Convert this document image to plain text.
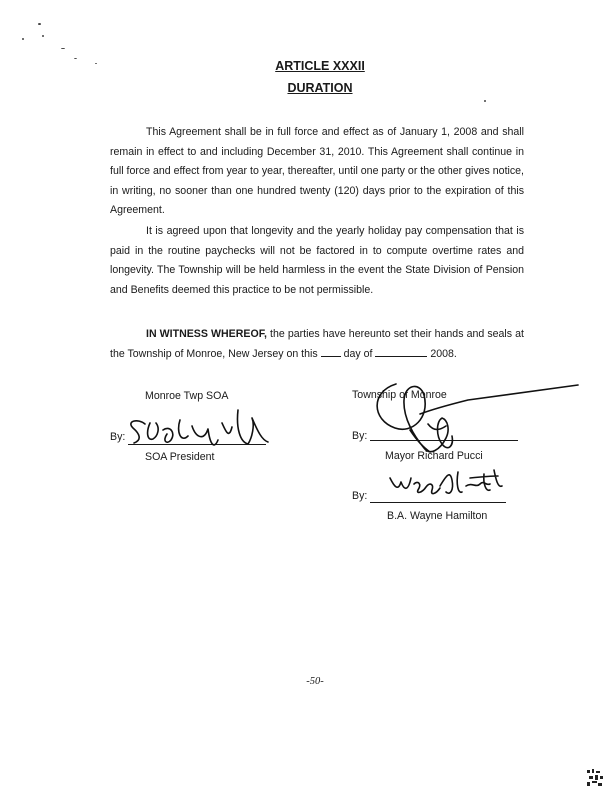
ARTICLE XXXII
DURATION

This Agreement shall be in full force and effect as of January 1, 2008 and shall remain in effect to and including December 31, 2010. This Agreement shall continue in full force and effect from year to year, thereafter, until one party or the other gives notice, in writing, no sooner than one hundred twenty (120) days prior to the expiration of this Agreement.

It is agreed upon that longevity and the yearly holiday pay compensation that is paid in the routine paychecks will not be factored in to compute overtime rates and longevity. The Township will be held harmless in the event the State Division of Pension and Benefits deemed this practice to be not permissible.

IN WITNESS WHEREOF, the parties have hereunto set their hands and seals at the Township of Monroe, New Jersey on this  day of	2008.

Monroe Twp SOA
By:
SOA President
Township of Monroe
By:
Mayor Richard Pucci
By:
B.A. Wayne Hamilton
-50-
